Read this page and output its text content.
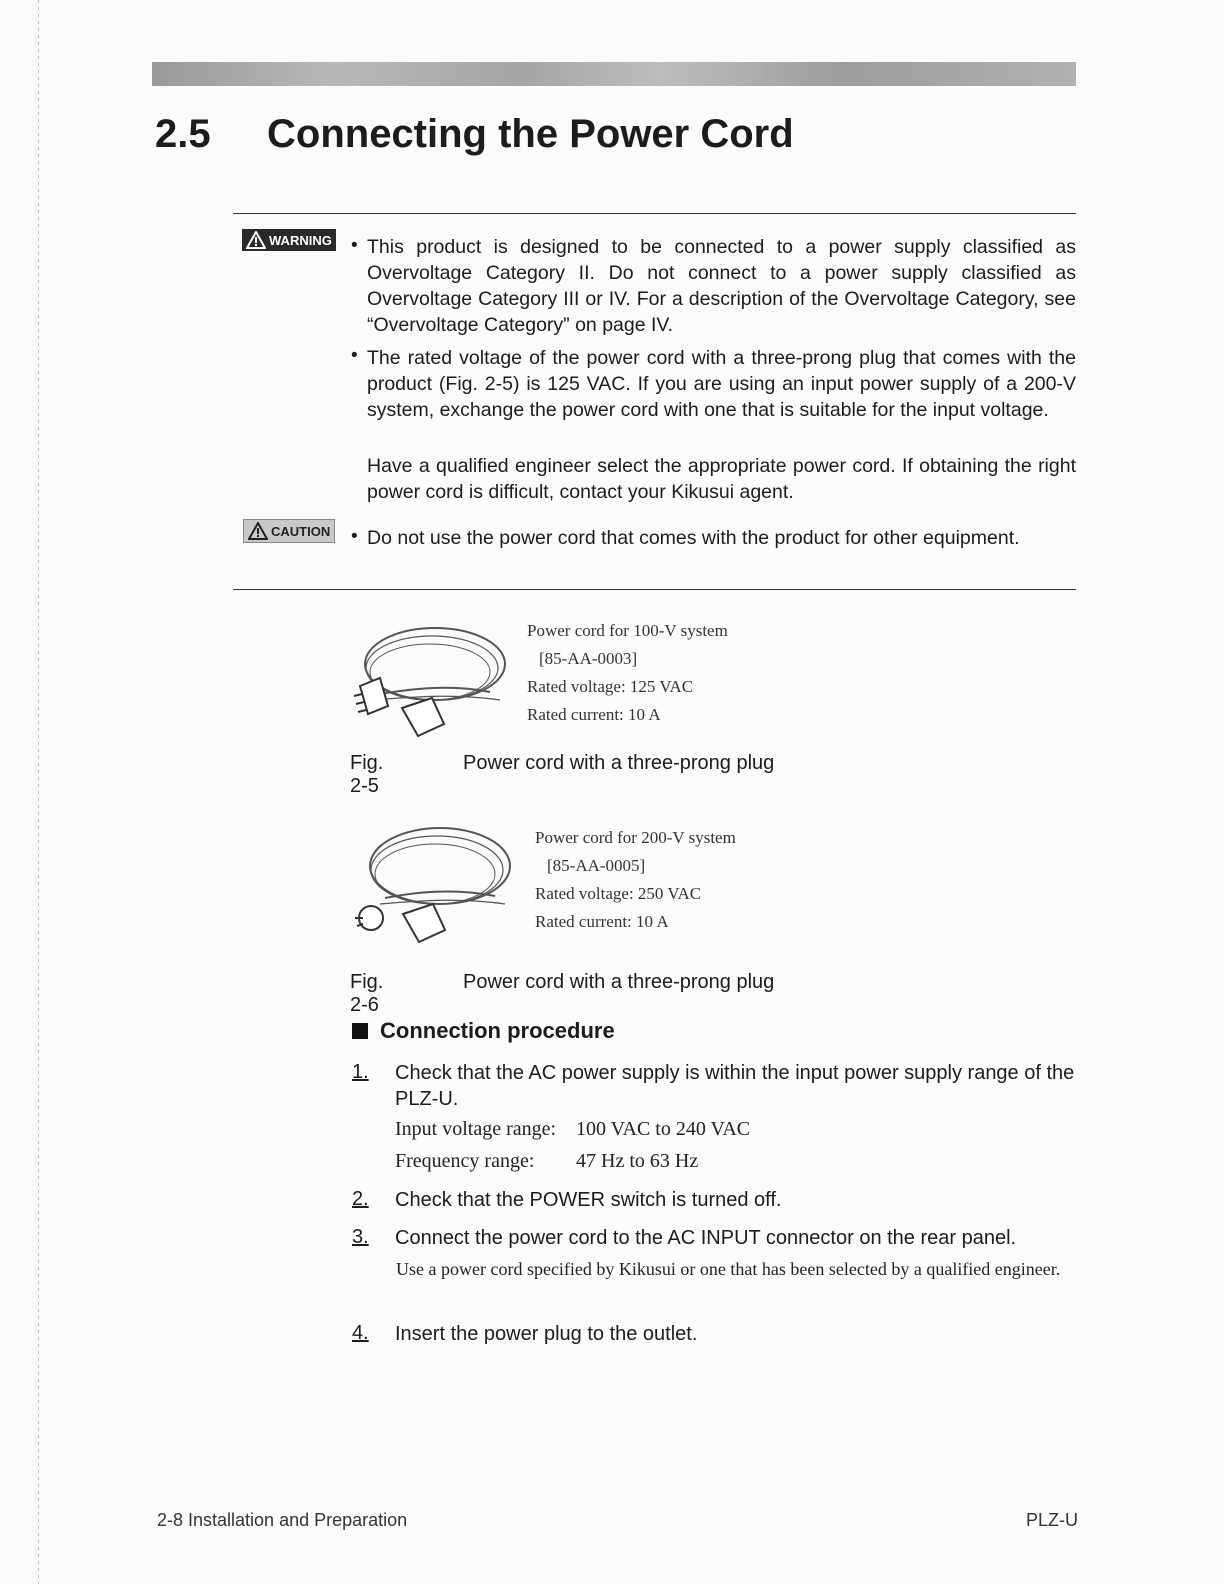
2.5 Connecting the Power Cord
WARNING • This product is designed to be connected to a power supply classified as Overvoltage Category II. Do not connect to a power supply classified as Overvoltage Category III or IV. For a description of the Overvoltage Category, see “Overvoltage Category” on page IV.
• The rated voltage of the power cord with a three-prong plug that comes with the product (Fig. 2-5) is 125 VAC. If you are using an input power supply of a 200-V system, exchange the power cord with one that is suitable for the input voltage.
Have a qualified engineer select the appropriate power cord. If obtaining the right power cord is difficult, contact your Kikusui agent.
CAUTION • Do not use the power cord that comes with the product for other equipment.
Power cord for 100-V system
[85-AA-0003]
Rated voltage: 125 VAC
Rated current: 10 A
Fig. 2-5
Power cord with a three-prong plug
Power cord for 200-V system
[85-AA-0005]
Rated voltage: 250 VAC
Rated current: 10 A
Fig. 2-6
Power cord with a three-prong plug
Connection procedure
1. Check that the AC power supply is within the input power supply range of the PLZ-U.
Input voltage range: 100 VAC to 240 VAC
Frequency range: 47 Hz to 63 Hz
2. Check that the POWER switch is turned off.
3. Connect the power cord to the AC INPUT connector on the rear panel.
Use a power cord specified by Kikusui or one that has been selected by a qualified engineer.
4. Insert the power plug to the outlet.
2-8 Installation and Preparation	PLZ-U
